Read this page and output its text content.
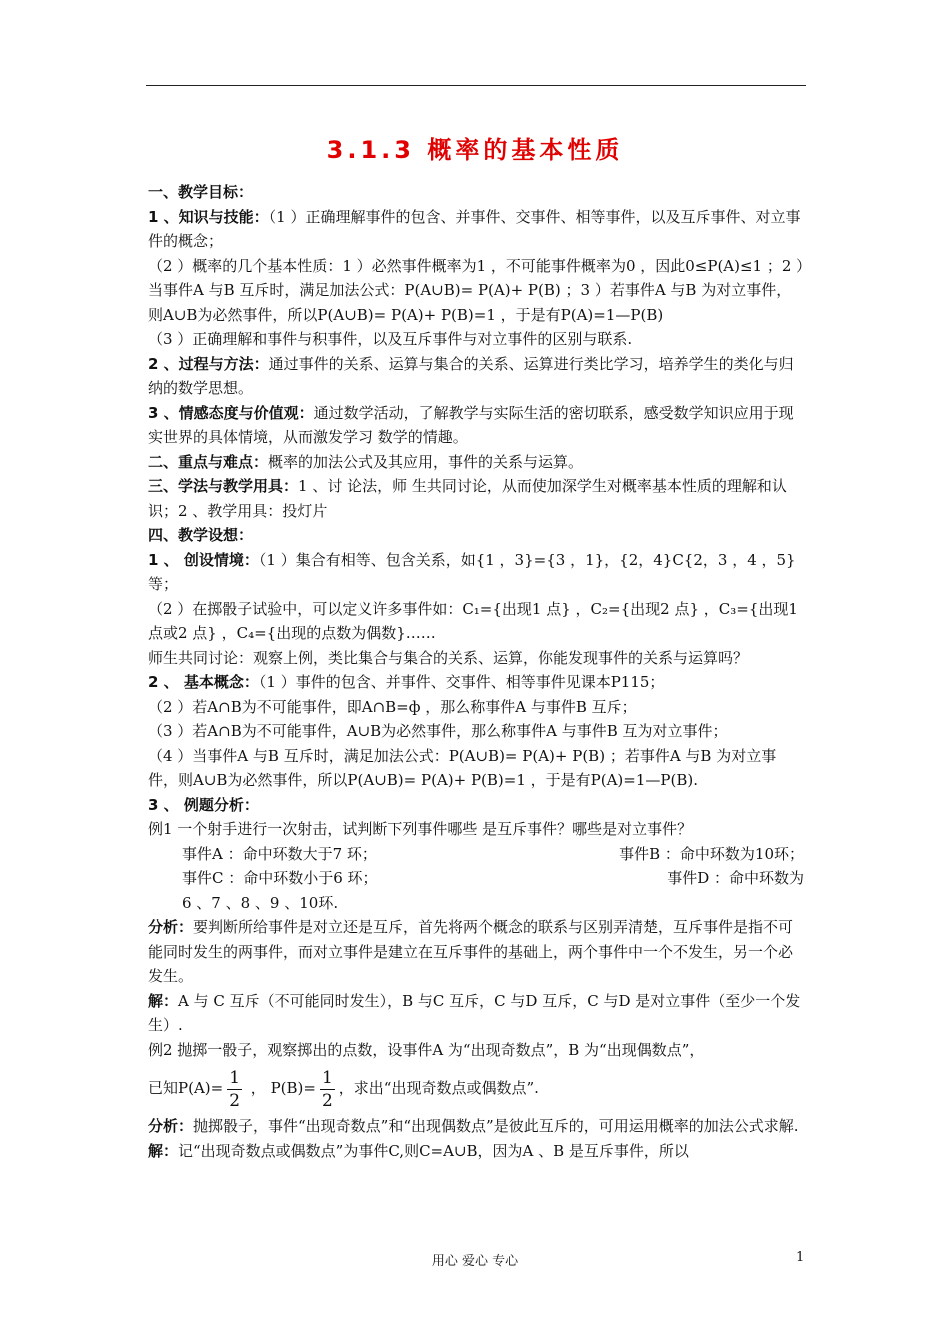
3.1.3 概率的基本性质

一、教学目标：

1 、知识与技能：（1 ）正确理解事件的包含、并事件、交事件、相等事件，以及互斥事件、对立事件的概念；

（2 ）概率的几个基本性质：1 ）必然事件概率为1 ，不可能事件概率为0 ，因此0≤P(A)≤1 ；2 ）当事件A 与B 互斥时，满足加法公式：P(A∪B)= P(A)+ P(B) ；3 ）若事件A 与B 为对立事件，则A∪B为必然事件，所以P(A∪B)= P(A)+ P(B)=1 ，于是有P(A)=1—P(B)

（3 ）正确理解和事件与积事件，以及互斥事件与对立事件的区别与联系.

2 、过程与方法：通过事件的关系、运算与集合的关系、运算进行类比学习，培养学生的类化与归纳的数学思想。

3 、情感态度与价值观：通过数学活动，了解教学与实际生活的密切联系，感受数学知识应用于现实世界的具体情境，从而激发学习 数学的情趣。

二、重点与难点：概率的加法公式及其应用，事件的关系与运算。

三、学法与教学用具：1 、讨 论法，师 生共同讨论，从而使加深学生对概率基本性质的理解和认识；2 、教学用具：投灯片

四、教学设想：

1 、 创设情境：（1 ）集合有相等、包含关系，如{1 ，3}={3 ，1}，{2，4}C{2，3 ，4 ，5}等；

（2 ）在掷骰子试验中，可以定义许多事件如：C₁={出现1 点} ，C₂={出现2 点} ，C₃={出现1 点或2 点} ，C₄={出现的点数为偶数}……

师生共同讨论：观察上例，类比集合与集合的关系、运算，你能发现事件的关系与运算吗？

2 、 基本概念：（1 ）事件的包含、并事件、交事件、相等事件见课本P115；

（2 ）若A∩B为不可能事件，即A∩B=ф ，那么称事件A 与事件B 互斥；

（3 ）若A∩B为不可能事件，A∪B为必然事件，那么称事件A 与事件B 互为对立事件；

（4 ）当事件A 与B 互斥时，满足加法公式：P(A∪B)= P(A)+ P(B) ；若事件A 与B 为对立事件，则A∪B为必然事件，所以P(A∪B)= P(A)+ P(B)=1 ，于是有P(A)=1—P(B).

3 、 例题分析：

例1 一个射手进行一次射击，试判断下列事件哪些 是互斥事件？哪些是对立事件？

事件A ：命中环数大于7 环；	事件B ：命中环数为10环；

事件C ：命中环数小于6 环；	事件D ：命中环数为

6 、7 、8 、9 、10环.

分析：要判断所给事件是对立还是互斥，首先将两个概念的联系与区别弄清楚，互斥事件是指不可能同时发生的两事件，而对立事件是建立在互斥事件的基础上，两个事件中一个不发生，另一个必发生。

解：A 与 C 互斥（不可能同时发生），B 与C 互斥，C 与D 互斥，C 与D 是对立事件（至少一个发生）.

例2 抛掷一骰子，观察掷出的点数，设事件A 为“出现奇数点”，B 为“出现偶数点”，

已知$P(A)= \frac{1}{2}$ ， $P(B)= \frac{1}{2}$ ，求出“出现奇数点或偶数点”.

分析：抛掷骰子，事件“出现奇数点”和“出现偶数点”是彼此互斥的，可用运用概率的加法公式求解.

解：记“出现奇数点或偶数点”为事件C,则C=A∪B，因为A 、B 是互斥事件，所以

用心 爱心 专心	1
